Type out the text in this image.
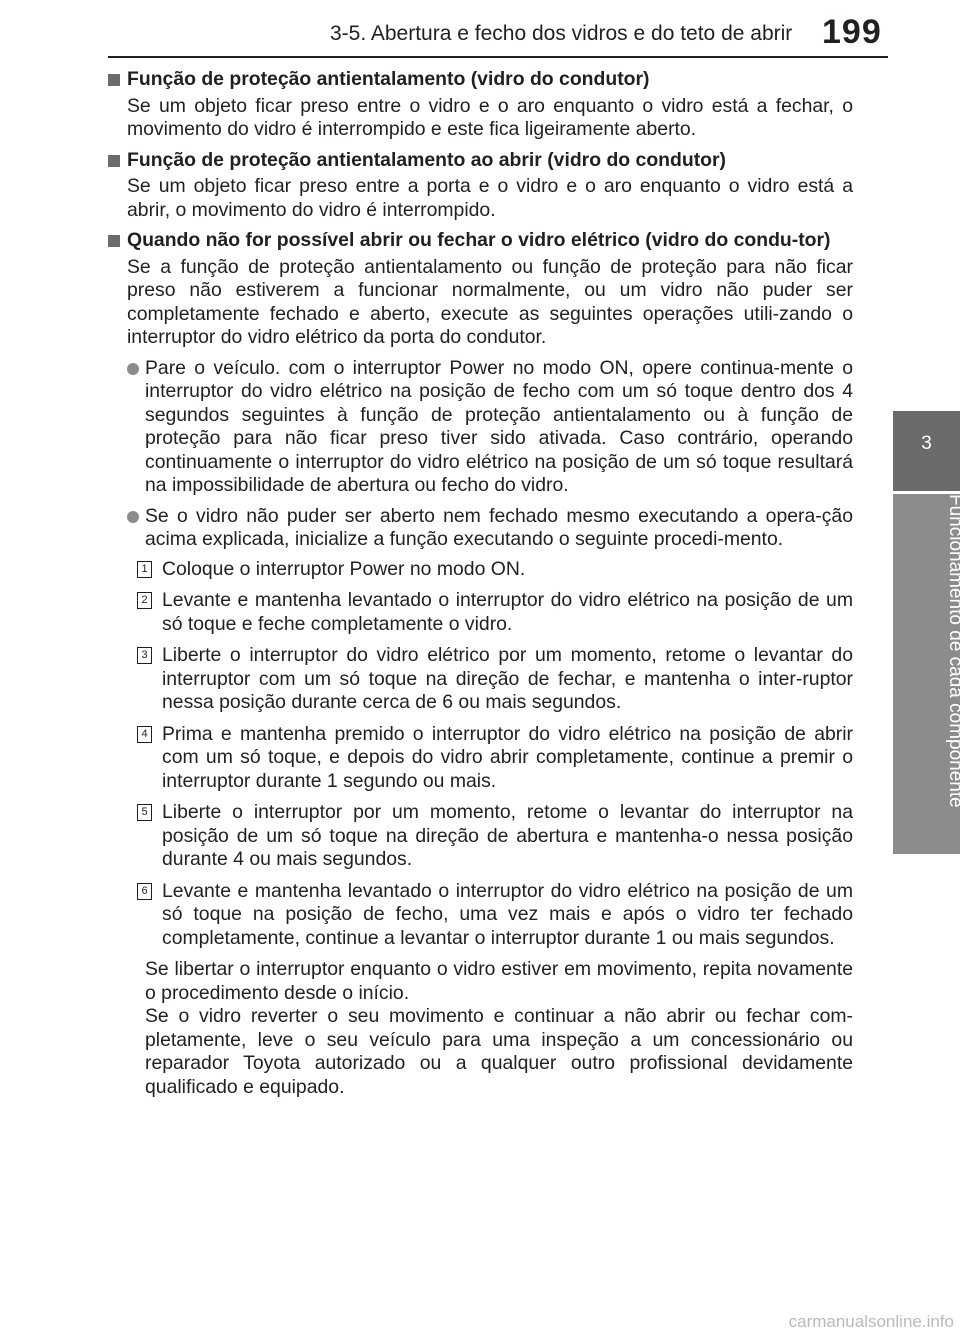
3-5. Abertura e fecho dos vidros e do teto de abrir 199
3
Funcionamento de cada componente

Função de proteção antientalamento (vidro do condutor)

Se um objeto ficar preso entre o vidro e o aro enquanto o vidro está a fechar, o movimento do vidro é interrompido e este fica ligeiramente aberto.

Função de proteção antientalamento ao abrir (vidro do condutor)

Se um objeto ficar preso entre a porta e o vidro e o aro enquanto o vidro está a abrir, o movimento do vidro é interrompido.

Quando não for possível abrir ou fechar o vidro elétrico (vidro do condu-tor)

Se a função de proteção antientalamento ou função de proteção para não ficar preso não estiverem a funcionar normalmente, ou um vidro não puder ser completamente fechado e aberto, execute as seguintes operações utili-zando o interruptor do vidro elétrico da porta do condutor.

Pare o veículo. com o interruptor Power no modo ON, opere continua-mente o interruptor do vidro elétrico na posição de fecho com um só toque dentro dos 4 segundos seguintes à função de proteção antientalamento ou à função de proteção para não ficar preso tiver sido ativada. Caso contrário, operando continuamente o interruptor do vidro elétrico na posição de um só toque resultará na impossibilidade de abertura ou fecho do vidro.
Se o vidro não puder ser aberto nem fechado mesmo executando a opera-ção acima explicada, inicialize a função executando o seguinte procedi-mento.
1 Coloque o interruptor Power no modo ON.
2 Levante e mantenha levantado o interruptor do vidro elétrico na posição de um só toque e feche completamente o vidro.
3 Liberte o interruptor do vidro elétrico por um momento, retome o levantar do interruptor com um só toque na direção de fechar, e mantenha o inter-ruptor nessa posição durante cerca de 6 ou mais segundos.
4 Prima e mantenha premido o interruptor do vidro elétrico na posição de abrir com um só toque, e depois do vidro abrir completamente, continue a premir o interruptor durante 1 segundo ou mais.
5 Liberte o interruptor por um momento, retome o levantar do interruptor na posição de um só toque na direção de abertura e mantenha-o nessa posição durante 4 ou mais segundos.
6 Levante e mantenha levantado o interruptor do vidro elétrico na posição de um só toque na posição de fecho, uma vez mais e após o vidro ter fechado completamente, continue a levantar o interruptor durante 1 ou mais segundos.
Se libertar o interruptor enquanto o vidro estiver em movimento, repita novamente o procedimento desde o início.
Se o vidro reverter o seu movimento e continuar a não abrir ou fechar com-pletamente, leve o seu veículo para uma inspeção a um concessionário ou reparador Toyota autorizado ou a qualquer outro profissional devidamente qualificado e equipado.
carmanualsonline.info
